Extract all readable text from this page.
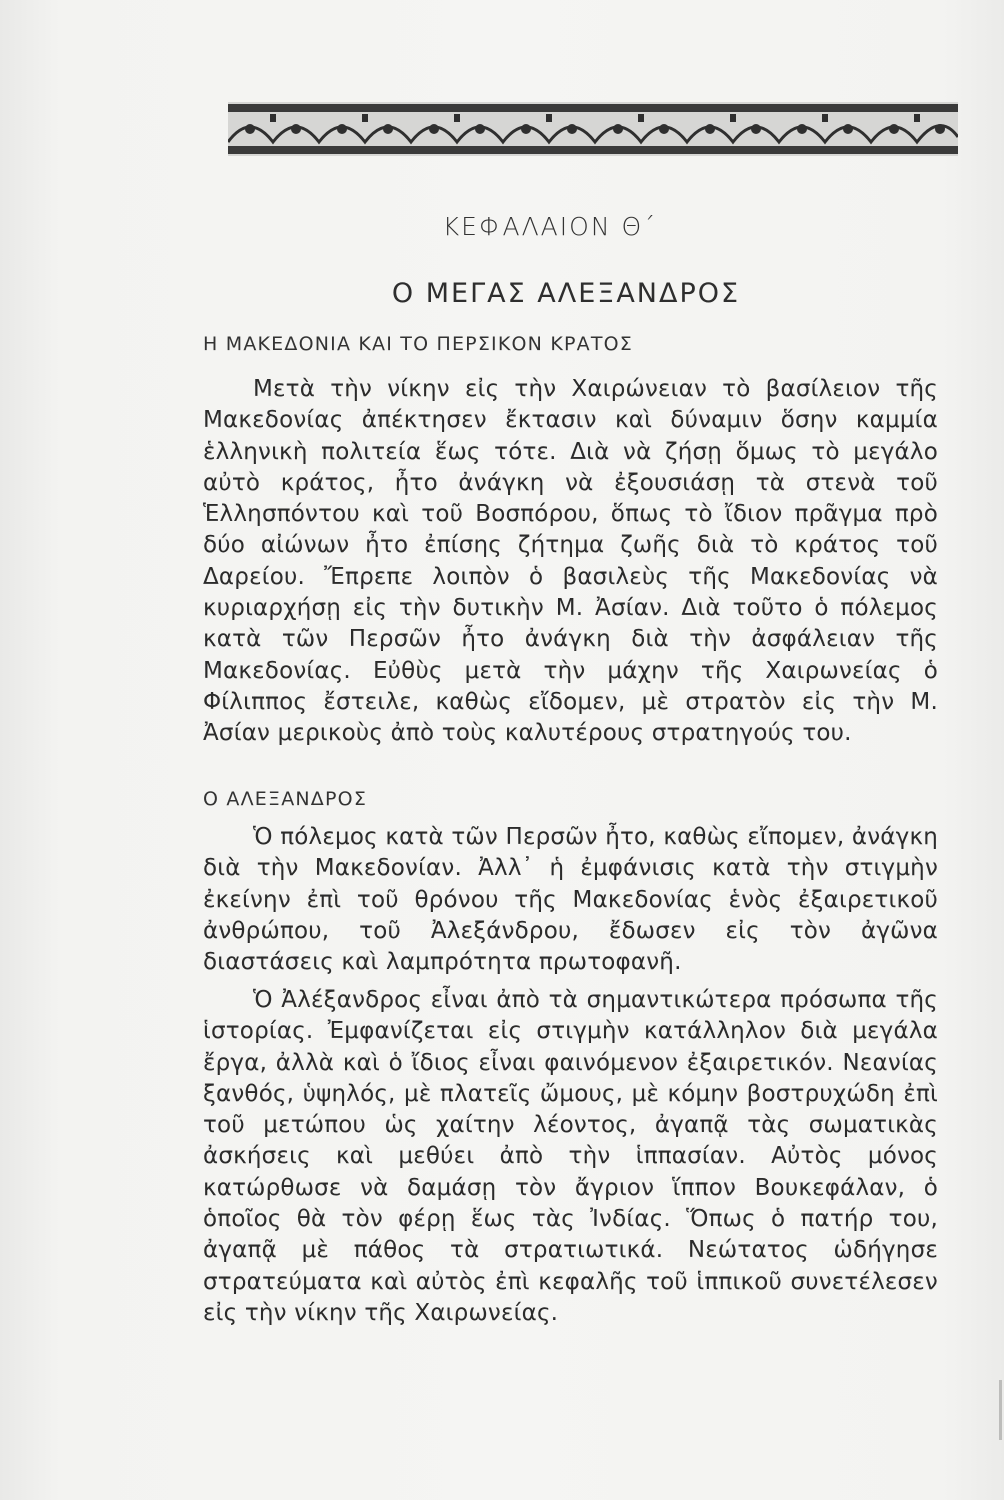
ΚΕΦΑΛΑΙΟΝ Θ΄
Ο ΜΕΓΑΣ ΑΛΕΞΑΝΔΡΟΣ
Η ΜΑΚΕΔΟΝΙΑ ΚΑΙ ΤΟ ΠΕΡΣΙΚΟΝ ΚΡΑΤΟΣ

Μετὰ τὴν νίκην εἰς τὴν Χαιρώνειαν τὸ βασίλειον τῆς Μακεδονίας ἀπέκτησεν ἔκτασιν καὶ δύναμιν ὅσην καμμία ἑλληνικὴ πολιτεία ἕως τότε. Διὰ νὰ ζήσῃ ὅμως τὸ μεγάλο αὐτὸ κράτος, ἦτο ἀνάγκη νὰ ἐξουσιάσῃ τὰ στενὰ τοῦ Ἑλλησπόντου καὶ τοῦ Βοσπόρου, ὅπως τὸ ἴδιον πρᾶγμα πρὸ δύο αἰώνων ἦτο ἐπίσης ζήτημα ζωῆς διὰ τὸ κράτος τοῦ Δαρείου. Ἔπρεπε λοιπὸν ὁ βασιλεὺς τῆς Μακεδονίας νὰ κυριαρχήσῃ εἰς τὴν δυτικὴν Μ. Ἀσίαν. Διὰ τοῦτο ὁ πόλεμος κατὰ τῶν Περσῶν ἦτο ἀνάγκη διὰ τὴν ἀσφάλειαν τῆς Μακεδονίας. Εὐθὺς μετὰ τὴν μάχην τῆς Χαιρωνείας ὁ Φίλιππος ἔστειλε, καθὼς εἴδομεν, μὲ στρατὸν εἰς τὴν Μ. Ἀσίαν μερικοὺς ἀπὸ τοὺς καλυτέρους στρατηγούς του.

Ο ΑΛΕΞΑΝΔΡΟΣ

Ὁ πόλεμος κατὰ τῶν Περσῶν ἦτο, καθὼς εἴπομεν, ἀνάγκη διὰ τὴν Μακεδονίαν. Ἀλλ᾿ ἡ ἐμφάνισις κατὰ τὴν στιγμὴν ἐκείνην ἐπὶ τοῦ θρόνου τῆς Μακεδονίας ἑνὸς ἐξαιρετικοῦ ἀνθρώπου, τοῦ Ἀλεξάνδρου, ἔδωσεν εἰς τὸν ἀγῶνα διαστάσεις καὶ λαμπρότητα πρωτοφανῆ.

Ὁ Ἀλέξανδρος εἶναι ἀπὸ τὰ σημαντικώτερα πρόσωπα τῆς ἱστορίας. Ἐμφανίζεται εἰς στιγμὴν κατάλληλον διὰ μεγάλα ἔργα, ἀλλὰ καὶ ὁ ἴδιος εἶναι φαινόμενον ἐξαιρετικόν. Νεανίας ξανθός, ὑψηλός, μὲ πλατεῖς ὤμους, μὲ κόμην βοστρυχώδη ἐπὶ τοῦ μετώπου ὡς χαίτην λέοντος, ἀγαπᾷ τὰς σωματικὰς ἀσκήσεις καὶ μεθύει ἀπὸ τὴν ἱππασίαν. Αὐτὸς μόνος κατώρθωσε νὰ δαμάσῃ τὸν ἄγριον ἵππον Βουκεφάλαν, ὁ ὁποῖος θὰ τὸν φέρῃ ἕως τὰς Ἰνδίας. Ὅπως ὁ πατήρ του, ἀγαπᾷ μὲ πάθος τὰ στρατιωτικά. Νεώτατος ὡδήγησε στρατεύματα καὶ αὐτὸς ἐπὶ κεφαλῆς τοῦ ἱππικοῦ συνετέλεσεν εἰς τὴν νίκην τῆς Χαιρωνείας.
